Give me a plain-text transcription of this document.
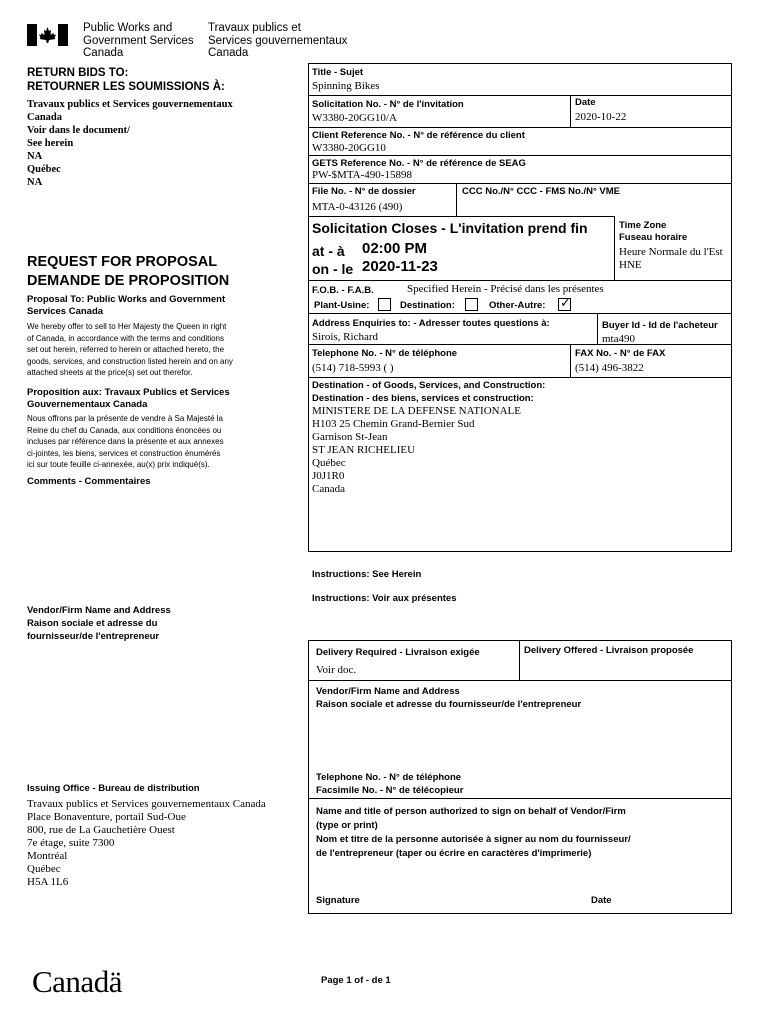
Public Works and
Government Services
Canada
Travaux publics et
Services gouvernementaux
Canada
RETURN BIDS TO:
RETOURNER LES SOUMISSIONS À:
Travaux publics et Services gouvernementaux
Canada
Voir dans le document/
See herein
NA
Québec
NA
REQUEST FOR PROPOSAL
DEMANDE DE PROPOSITION
Proposal To: Public Works and Government
Services Canada
We hereby offer to sell to Her Majesty the Queen in right
of Canada, in accordance with the terms and conditions
set out herein, referred to herein or attached hereto, the
goods, services, and construction listed herein and on any
attached sheets at the price(s) set out therefor.
Proposition aux: Travaux Publics et Services
Gouvernementaux Canada
Nous offrons par la présente de vendre à Sa Majesté la
Reine du chef du Canada, aux conditions énoncées ou
incluses par référence dans la présente et aux annexes
ci-jointes, les biens, services et construction énumérés
ici sur toute feuille ci-annexée, au(x) prix indiqué(s).
Comments - Commentaires
Vendor/Firm Name and Address
Raison sociale et adresse du
fournisseur/de l'entrepreneur
Issuing Office - Bureau de distribution
Travaux publics et Services gouvernementaux Canada
Place Bonaventure, portail Sud-Oue
800, rue de La Gauchetière Ouest
7e étage, suite 7300
Montréal
Québec
H5A 1L6
Canadä
Title - Sujet
Spinning Bikes
Solicitation No. - N° de l'invitation
W3380-20GG10/A
Date
2020-10-22
Client Reference No. - N° de référence du client
W3380-20GG10
GETS Reference No. - N° de référence de SEAG
PW-$MTA-490-15898
File No. - N° de dossier
MTA-0-43126 (490)
CCC No./N° CCC - FMS No./N° VME
Solicitation Closes - L'invitation prend fin
at - à 02:00 PM
on - le 2020-11-23
Time Zone
Fuseau horaire
Heure Normale du l'Est
HNE
F.O.B. - F.A.B.	Specified Herein - Précisé dans les présentes
Plant-Usine:	Destination:	Other-Autre: ✓
Address Enquiries to: - Adresser toutes questions à:
Sirois, Richard
Buyer Id - Id de l'acheteur
mta490
Telephone No. - N° de téléphone
(514) 718-5993 ( )
FAX No. - N° de FAX
(514) 496-3822
Destination - of Goods, Services, and Construction:
Destination - des biens, services et construction:
MINISTERE DE LA DEFENSE NATIONALE
H103 25 Chemin Grand-Bernier Sud
Garnison St-Jean
ST JEAN RICHELIEU
Québec
J0J1R0
Canada
Instructions: See Herein
Instructions: Voir aux présentes
Delivery Required - Livraison exigée
Voir doc.
Delivery Offered - Livraison proposée
Vendor/Firm Name and Address
Raison sociale et adresse du fournisseur/de l'entrepreneur
Telephone No. - N° de téléphone
Facsimile No. - N° de télécopieur
Name and title of person authorized to sign on behalf of Vendor/Firm
(type or print)
Nom et titre de la personne autorisée à signer au nom du fournisseur/
de l'entrepreneur (taper ou écrire en caractères d'imprimerie)
Signature	Date
Page 1 of - de 1
